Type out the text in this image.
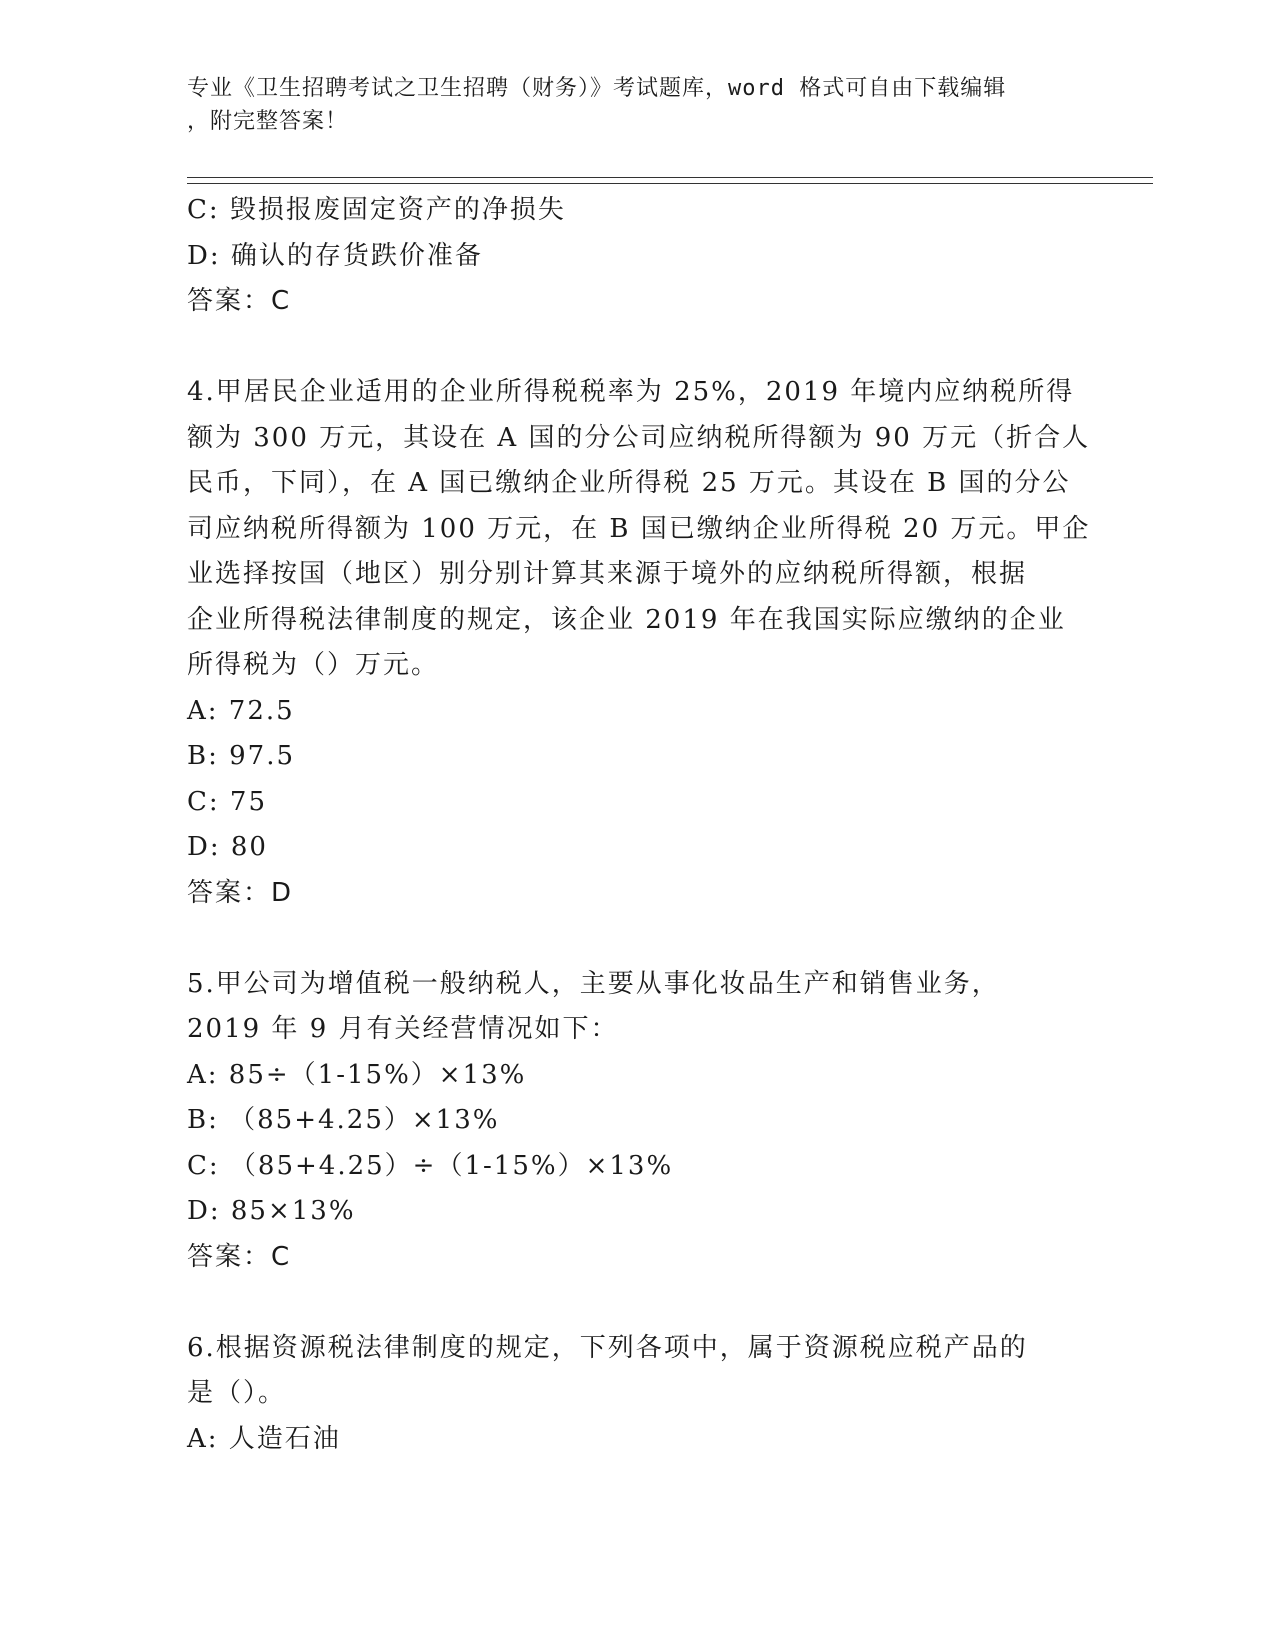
专业《卫生招聘考试之卫生招聘（财务）》考试题库，word 格式可自由下载编辑
，附完整答案！
C: 毁损报废固定资产的净损失
D: 确认的存货跌价准备
答案：C
4.甲居民企业适用的企业所得税税率为 25%，2019 年境内应纳税所得
额为 300 万元，其设在 A 国的分公司应纳税所得额为 90 万元（折合人
民币，下同），在 A 国已缴纳企业所得税 25 万元。其设在 B 国的分公
司应纳税所得额为 100 万元，在 B 国已缴纳企业所得税 20 万元。甲企
业选择按国（地区）别分别计算其来源于境外的应纳税所得额，根据
企业所得税法律制度的规定，该企业 2019 年在我国实际应缴纳的企业
所得税为（）万元。
A: 72.5
B: 97.5
C: 75
D: 80
答案：D
5.甲公司为增值税一般纳税人，主要从事化妆品生产和销售业务，
2019 年 9 月有关经营情况如下：
A: 85÷（1-15%）×13%
B: （85+4.25）×13%
C: （85+4.25）÷（1-15%）×13%
D: 85×13%
答案：C
6.根据资源税法律制度的规定，下列各项中，属于资源税应税产品的
是（）。
A: 人造石油
